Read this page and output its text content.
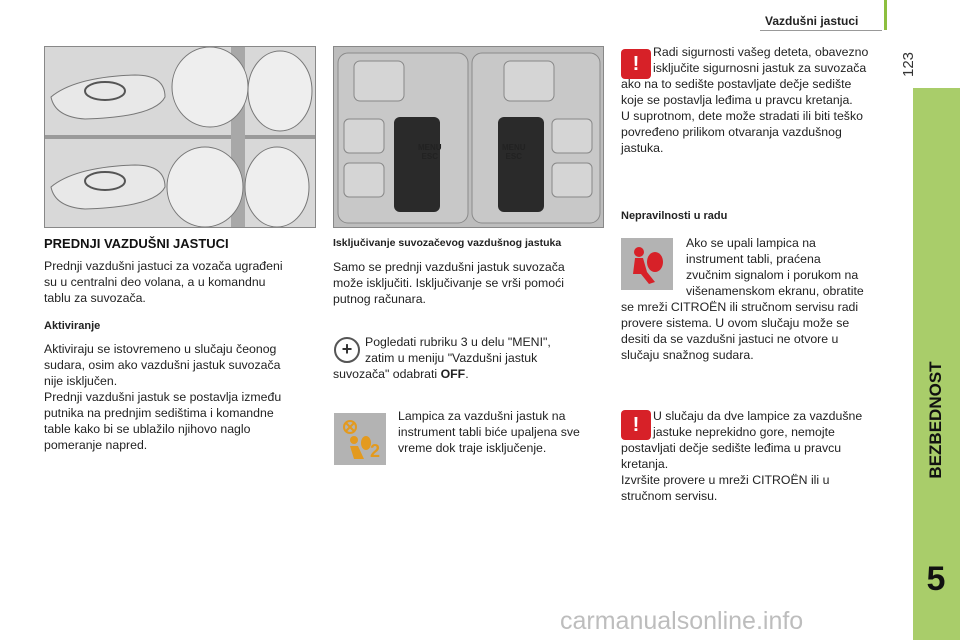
Vazdušni jastuci
123
BEZBEDNOST
5
MENU
ESC
MENU
ESC
PREDNJI VAZDUŠNI JASTUCI
Prednji vazdušni jastuci za vozača ugrađeni
su u centralni deo volana, a u komandnu
tablu za suvozača.
Aktiviranje
Aktiviraju se istovremeno u slučaju čeonog
sudara, osim ako vazdušni jastuk suvozača
nije isključen.
Prednji vazdušni jastuk se postavlja između
putnika na prednjim sedištima i komandne
table kako bi se ublažilo njihovo naglo
pomeranje napred.
Isključivanje suvozačevog vazdušnog jastuka
Samo se prednji vazdušni jastuk suvozača
može isključiti. Isključivanje se vrši pomoći
putnog računara.
+	Pogledati rubriku 3 u delu "MENI",
zatim u meniju "Vazdušni jastuk
suvozača" odabrati OFF.
2
Lampica za vazdušni jastuk na
instrument tabli biće upaljena sve
vreme dok traje isključenje.
!
Radi sigurnosti vašeg deteta, obavezno
isključite sigurnosni jastuk za suvozača
ako na to sedište postavljate dečje sedište
koje se postavlja leđima u pravcu kretanja.
U suprotnom, dete može stradati ili biti teško
povređeno prilikom otvaranja vazdušnog
jastuka.
Nepravilnosti u radu
Ako se upali lampica na
instrument tabli, praćena
zvučnim signalom i porukom na
višenamenskom ekranu, obratite
se mreži CITROËN ili stručnom servisu radi
provere sistema. U ovom slučaju može se
desiti da se vazdušni jastuci ne otvore u
slučaju snažnog sudara.
!	U slučaju da dve lampice za vazdušne
jastuke neprekidno gore, nemojte
postavljati dečje sedište leđima u pravcu
kretanja.
Izvršite provere u mreži CITROËN ili u
stručnom servisu.
carmanualsonline.info
